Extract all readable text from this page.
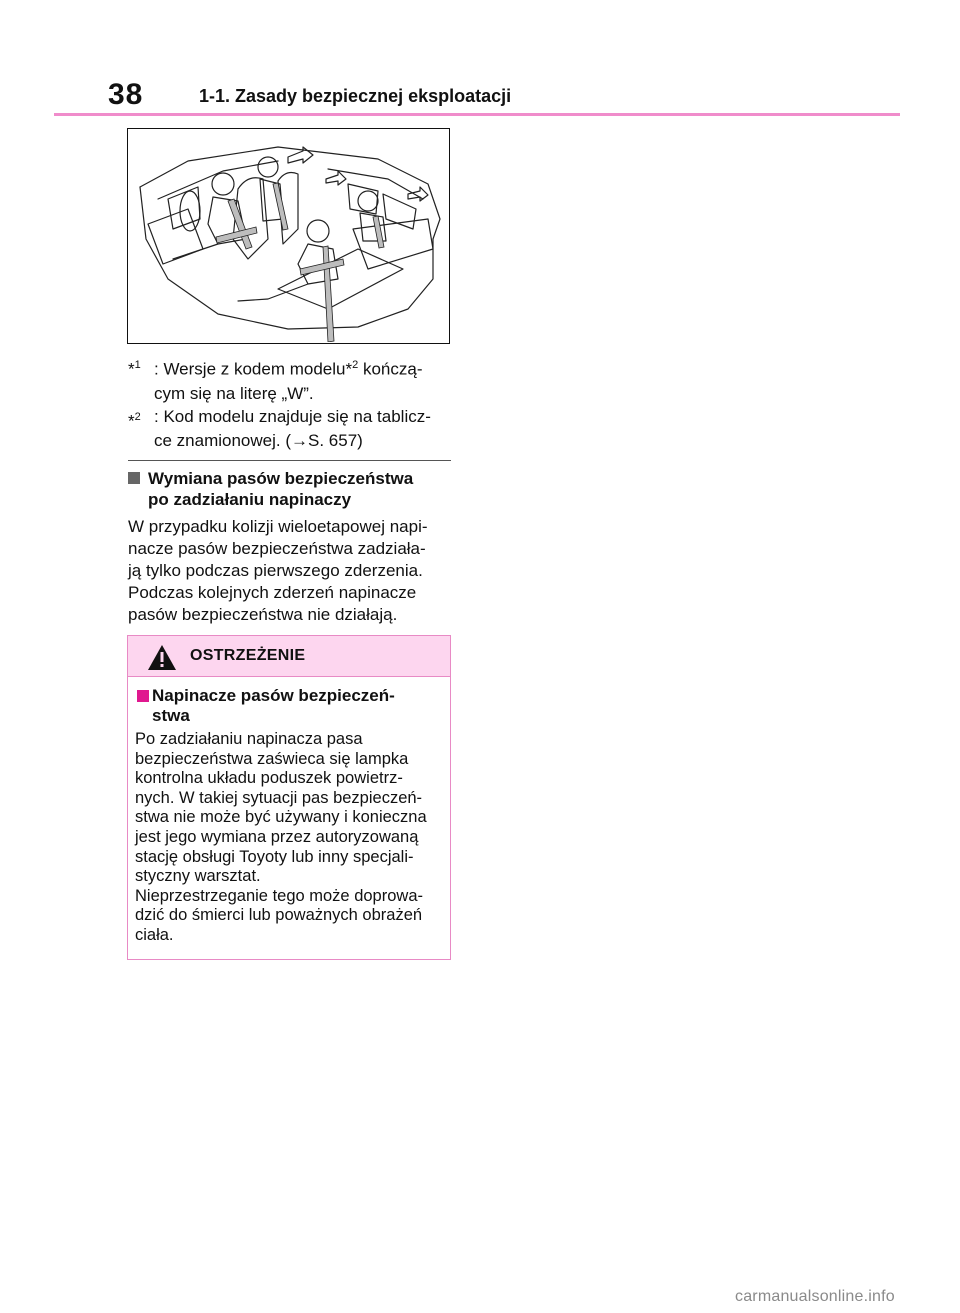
38	1-1. Zasady bezpiecznej eksploatacji
*$^1$ : Wersje z kodem modelu*$^2$ kończą-
cym się na literę „W”.
*$^2$ : Kod modelu znajduje się na tablicz-
ce znamionowej. (→S. 657)
Wymiana pasów bezpieczeństwa
po zadziałaniu napinaczy
W przypadku kolizji wieloetapowej napi-
nacze pasów bezpieczeństwa zadziała-
ją tylko podczas pierwszego zderzenia.
Podczas kolejnych zderzeń napinacze
pasów bezpieczeństwa nie działają.
OSTRZEŻENIE
Napinacze pasów bezpieczeń-
stwa
Po zadziałaniu napinacza pasa
bezpieczeństwa zaświeca się lampka
kontrolna układu poduszek powietrz-
nych. W takiej sytuacji pas bezpieczeń-
stwa nie może być używany i konieczna
jest jego wymiana przez autoryzowaną
stację obsługi Toyoty lub inny specjali-
styczny warsztat.
Nieprzestrzeganie tego może doprowa-
dzić do śmierci lub poważnych obrażeń
ciała.
carmanualsonline.info
